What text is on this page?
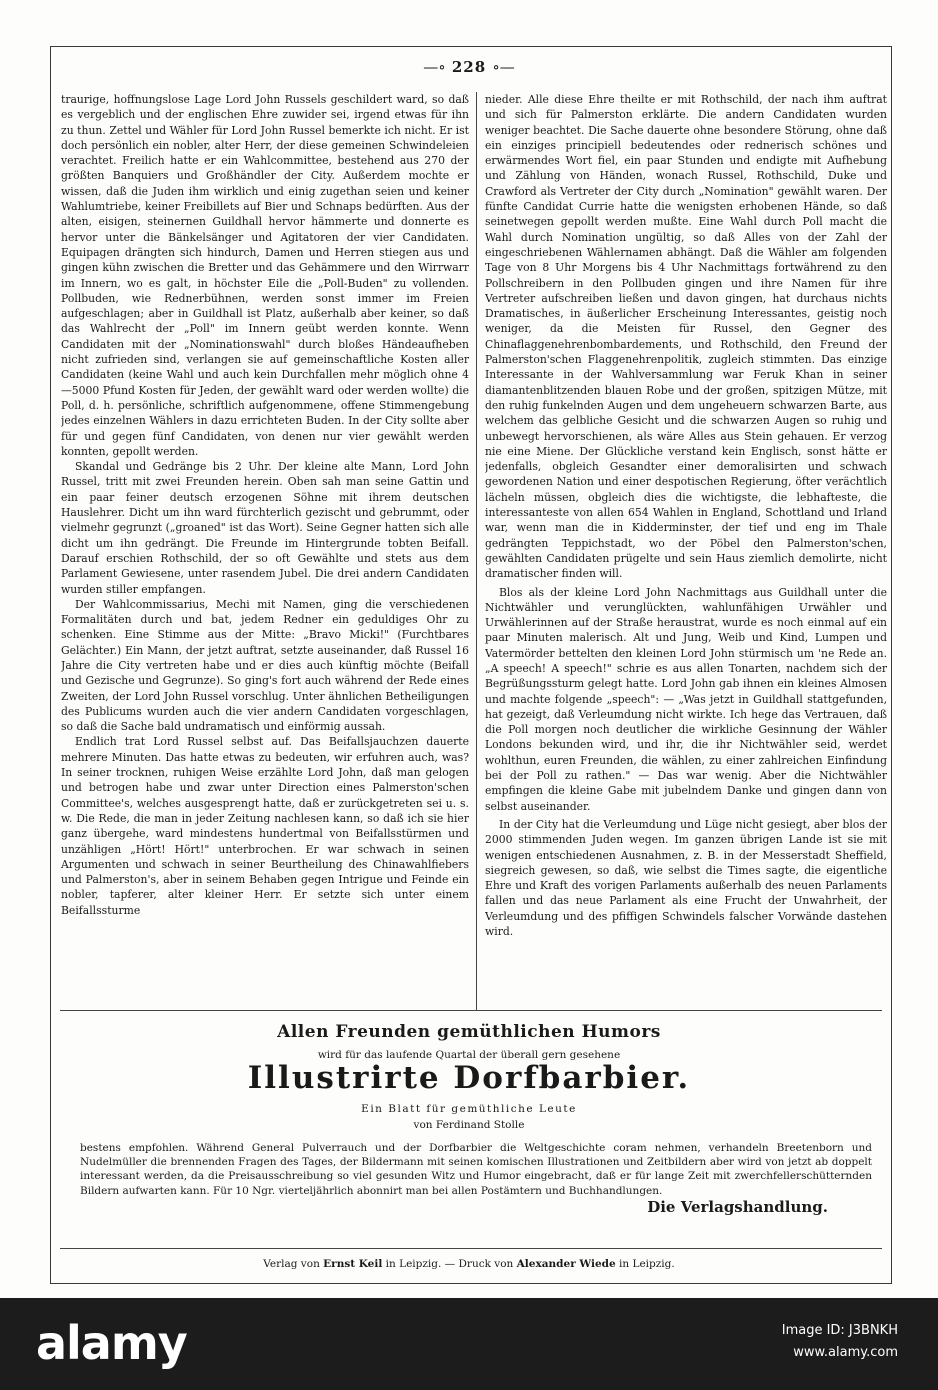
—∘ 228 ∘—

traurige, hoffnungslose Lage Lord John Russels geschildert ward, so daß es vergeblich und der englischen Ehre zuwider sei, irgend etwas für ihn zu thun. Zettel und Wähler für Lord John Russel bemerkte ich nicht. Er ist doch persönlich ein nobler, alter Herr, der diese gemeinen Schwindeleien verachtet. Freilich hatte er ein Wahlcommittee, bestehend aus 270 der größten Banquiers und Großhändler der City. Außerdem mochte er wissen, daß die Juden ihm wirklich und einig zugethan seien und keiner Wahlumtriebe, keiner Freibillets auf Bier und Schnaps bedürften. Aus der alten, eisigen, steinernen Guildhall hervor hämmerte und donnerte es hervor unter die Bänkelsänger und Agitatoren der vier Candidaten. Equipagen drängten sich hindurch, Damen und Herren stiegen aus und gingen kühn zwischen die Bretter und das Gehämmere und den Wirrwarr im Innern, wo es galt, in höchster Eile die „Poll-Buden" zu vollenden. Pollbuden, wie Rednerbühnen, werden sonst immer im Freien aufgeschlagen; aber in Guildhall ist Platz, außerhalb aber keiner, so daß das Wahlrecht der „Poll" im Innern geübt werden konnte. Wenn Candidaten mit der „Nominationswahl" durch bloßes Händeaufheben nicht zufrieden sind, verlangen sie auf gemeinschaftliche Kosten aller Candidaten (keine Wahl und auch kein Durchfallen mehr möglich ohne 4—5000 Pfund Kosten für Jeden, der gewählt ward oder werden wollte) die Poll, d. h. persönliche, schriftlich aufgenommene, offene Stimmengebung jedes einzelnen Wählers in dazu errichteten Buden. In der City sollte aber für und gegen fünf Candidaten, von denen nur vier gewählt werden konnten, gepollt werden.

Skandal und Gedränge bis 2 Uhr. Der kleine alte Mann, Lord John Russel, tritt mit zwei Freunden herein. Oben sah man seine Gattin und ein paar feiner deutsch erzogenen Söhne mit ihrem deutschen Hauslehrer. Dicht um ihn ward fürchterlich gezischt und gebrummt, oder vielmehr gegrunzt („groaned" ist das Wort). Seine Gegner hatten sich alle dicht um ihn gedrängt. Die Freunde im Hintergrunde tobten Beifall. Darauf erschien Rothschild, der so oft Gewählte und stets aus dem Parlament Gewiesene, unter rasendem Jubel. Die drei andern Candidaten wurden stiller empfangen.

Der Wahlcommissarius, Mechi mit Namen, ging die verschiedenen Formalitäten durch und bat, jedem Redner ein geduldiges Ohr zu schenken. Eine Stimme aus der Mitte: „Bravo Micki!" (Furchtbares Gelächter.) Ein Mann, der jetzt auftrat, setzte auseinander, daß Russel 16 Jahre die City vertreten habe und er dies auch künftig möchte (Beifall und Gezische und Gegrunze). So ging's fort auch während der Rede eines Zweiten, der Lord John Russel vorschlug. Unter ähnlichen Betheiligungen des Publicums wurden auch die vier andern Candidaten vorgeschlagen, so daß die Sache bald undramatisch und einförmig aussah.

Endlich trat Lord Russel selbst auf. Das Beifallsjauchzen dauerte mehrere Minuten. Das hatte etwas zu bedeuten, wir erfuhren auch, was? In seiner trocknen, ruhigen Weise erzählte Lord John, daß man gelogen und betrogen habe und zwar unter Direction eines Palmerston'schen Committee's, welches ausgesprengt hatte, daß er zurückgetreten sei u. s. w. Die Rede, die man in jeder Zeitung nachlesen kann, so daß ich sie hier ganz übergehe, ward mindestens hundertmal von Beifallsstürmen und unzähligen „Hört! Hört!" unterbrochen. Er war schwach in seinen Argumenten und schwach in seiner Beurtheilung des Chinawahlfiebers und Palmerston's, aber in seinem Behaben gegen Intrigue und Feinde ein nobler, tapferer, alter kleiner Herr. Er setzte sich unter einem Beifallssturme

nieder. Alle diese Ehre theilte er mit Rothschild, der nach ihm auftrat und sich für Palmerston erklärte. Die andern Candidaten wurden weniger beachtet. Die Sache dauerte ohne besondere Störung, ohne daß ein einziges principiell bedeutendes oder rednerisch schönes und erwärmendes Wort fiel, ein paar Stunden und endigte mit Aufhebung und Zählung von Händen, wonach Russel, Rothschild, Duke und Crawford als Vertreter der City durch „Nomination" gewählt waren. Der fünfte Candidat Currie hatte die wenigsten erhobenen Hände, so daß seinetwegen gepollt werden mußte. Eine Wahl durch Poll macht die Wahl durch Nomination ungültig, so daß Alles von der Zahl der eingeschriebenen Wählernamen abhängt. Daß die Wähler am folgenden Tage von 8 Uhr Morgens bis 4 Uhr Nachmittags fortwährend zu den Pollschreibern in den Pollbuden gingen und ihre Namen für ihre Vertreter aufschreiben ließen und davon gingen, hat durchaus nichts Dramatisches, in äußerlicher Erscheinung Interessantes, geistig noch weniger, da die Meisten für Russel, den Gegner des Chinaflaggenehrenbombardements, und Rothschild, den Freund der Palmerston'schen Flaggenehrenpolitik, zugleich stimmten. Das einzige Interessante in der Wahlversammlung war Feruk Khan in seiner diamantenblitzenden blauen Robe und der großen, spitzigen Mütze, mit den ruhig funkelnden Augen und dem ungeheuern schwarzen Barte, aus welchem das gelbliche Gesicht und die schwarzen Augen so ruhig und unbewegt hervorschienen, als wäre Alles aus Stein gehauen. Er verzog nie eine Miene. Der Glückliche verstand kein Englisch, sonst hätte er jedenfalls, obgleich Gesandter einer demoralisirten und schwach gewordenen Nation und einer despotischen Regierung, öfter verächtlich lächeln müssen, obgleich dies die wichtigste, die lebhafteste, die interessanteste von allen 654 Wahlen in England, Schottland und Irland war, wenn man die in Kidderminster, der tief und eng im Thale gedrängten Teppichstadt, wo der Pöbel den Palmerston'schen, gewählten Candidaten prügelte und sein Haus ziemlich demolirte, nicht dramatischer finden will.

Blos als der kleine Lord John Nachmittags aus Guildhall unter die Nichtwähler und verunglückten, wahlunfähigen Urwähler und Urwählerinnen auf der Straße heraustrat, wurde es noch einmal auf ein paar Minuten malerisch. Alt und Jung, Weib und Kind, Lumpen und Vatermörder bettelten den kleinen Lord John stürmisch um 'ne Rede an. „A speech! A speech!" schrie es aus allen Tonarten, nachdem sich der Begrüßungssturm gelegt hatte. Lord John gab ihnen ein kleines Almosen und machte folgende „speech": — „Was jetzt in Guildhall stattgefunden, hat gezeigt, daß Verleumdung nicht wirkte. Ich hege das Vertrauen, daß die Poll morgen noch deutlicher die wirkliche Gesinnung der Wähler Londons bekunden wird, und ihr, die ihr Nichtwähler seid, werdet wohlthun, euren Freunden, die wählen, zu einer zahlreichen Einfindung bei der Poll zu rathen." — Das war wenig. Aber die Nichtwähler empfingen die kleine Gabe mit jubelndem Danke und gingen dann von selbst auseinander.

In der City hat die Verleumdung und Lüge nicht gesiegt, aber blos der 2000 stimmenden Juden wegen. Im ganzen übrigen Lande ist sie mit wenigen entschiedenen Ausnahmen, z. B. in der Messerstadt Sheffield, siegreich gewesen, so daß, wie selbst die Times sagte, die eigentliche Ehre und Kraft des vorigen Parlaments außerhalb des neuen Parlaments fallen und das neue Parlament als eine Frucht der Unwahrheit, der Verleumdung und des pfiffigen Schwindels falscher Vorwände dastehen wird.

Allen Freunden gemüthlichen Humors
wird für das laufende Quartal der überall gern gesehene
Illustrirte Dorfbarbier.
Ein Blatt für gemüthliche Leute
von Ferdinand Stolle
bestens empfohlen. Während General Pulverrauch und der Dorfbarbier die Weltgeschichte coram nehmen, verhandeln Breetenborn und Nudelmüller die brennenden Fragen des Tages, der Bildermann mit seinen komischen Illustrationen und Zeitbildern aber wird von jetzt ab doppelt interessant werden, da die Preisausschreibung so viel gesunden Witz und Humor eingebracht, daß er für lange Zeit mit zwerchfellerschütternden Bildern aufwarten kann. Für 10 Ngr. vierteljährlich abonnirt man bei allen Postämtern und Buchhandlungen.
Die Verlagshandlung.
Verlag von Ernst Keil in Leipzig. — Druck von Alexander Wiede in Leipzig.
alamy	Image ID: J3BNKH
www.alamy.com
